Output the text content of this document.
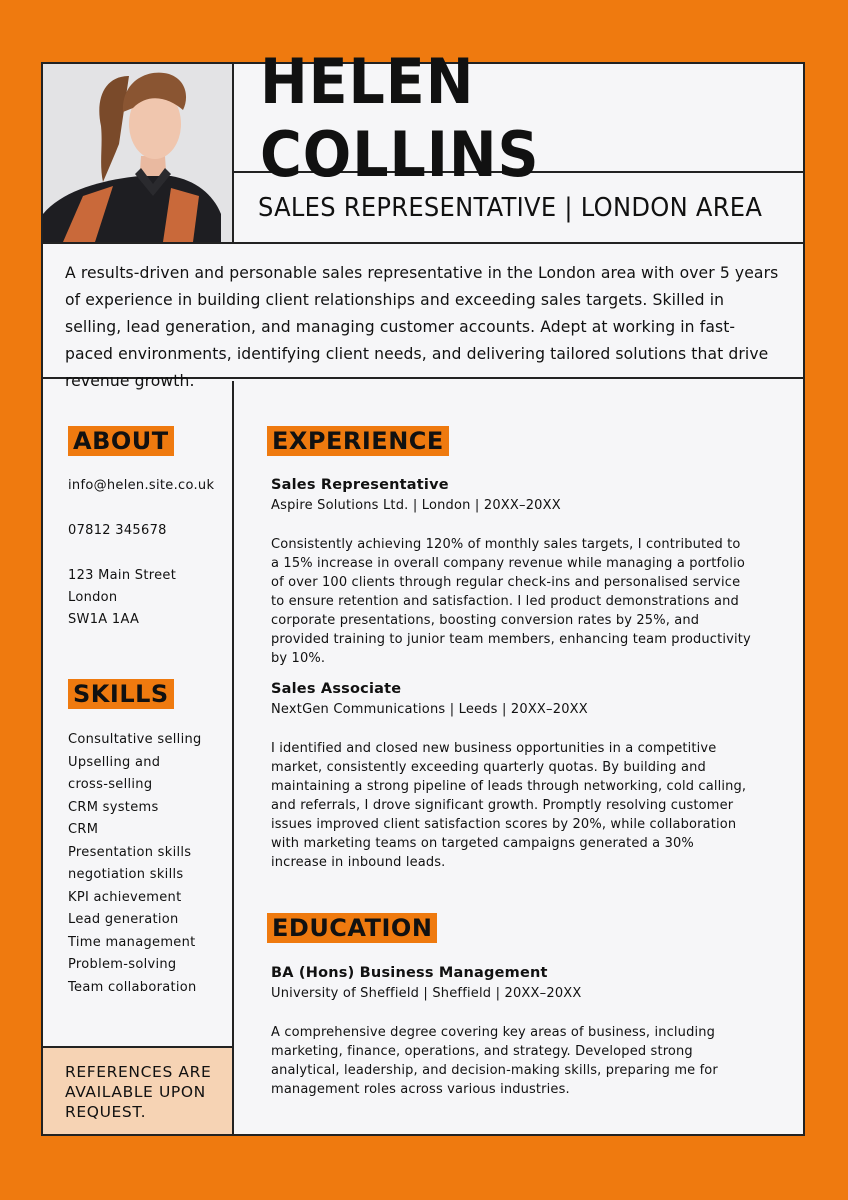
HELEN COLLINS
SALES REPRESENTATIVE | LONDON AREA
A results-driven and personable sales representative in the London area with over 5 years of experience in building client relationships and exceeding sales targets. Skilled in selling, lead generation, and managing customer accounts. Adept at working in fast-paced environments, identifying client needs, and delivering tailored solutions that drive revenue growth.
ABOUT
info@helen.site.co.uk
07812 345678
123 Main Street
London
SW1A 1AA
SKILLS
Consultative selling
Upselling and
cross-selling
CRM systems
CRM
Presentation skills
negotiation skills
KPI achievement
Lead generation
Time management
Problem-solving
Team collaboration
REFERENCES ARE AVAILABLE UPON REQUEST.
EXPERIENCE
Sales Representative
Aspire Solutions Ltd. | London | 20XX–20XX
Consistently achieving 120% of monthly sales targets, I contributed to a 15% increase in overall company revenue while managing a portfolio of over 100 clients through regular check-ins and personalised service to ensure retention and satisfaction. I led product demonstrations and corporate presentations, boosting conversion rates by 25%, and provided training to junior team members, enhancing team productivity by 10%.
Sales Associate
NextGen Communications | Leeds | 20XX–20XX
I identified and closed new business opportunities in a competitive market, consistently exceeding quarterly quotas. By building and maintaining a strong pipeline of leads through networking, cold calling, and referrals, I drove significant growth. Promptly resolving customer issues improved client satisfaction scores by 20%, while collaboration with marketing teams on targeted campaigns generated a 30% increase in inbound leads.
EDUCATION
BA (Hons) Business Management
University of Sheffield | Sheffield | 20XX–20XX
A comprehensive degree covering key areas of business, including marketing, finance, operations, and strategy. Developed strong analytical, leadership, and decision-making skills, preparing me for management roles across various industries.
